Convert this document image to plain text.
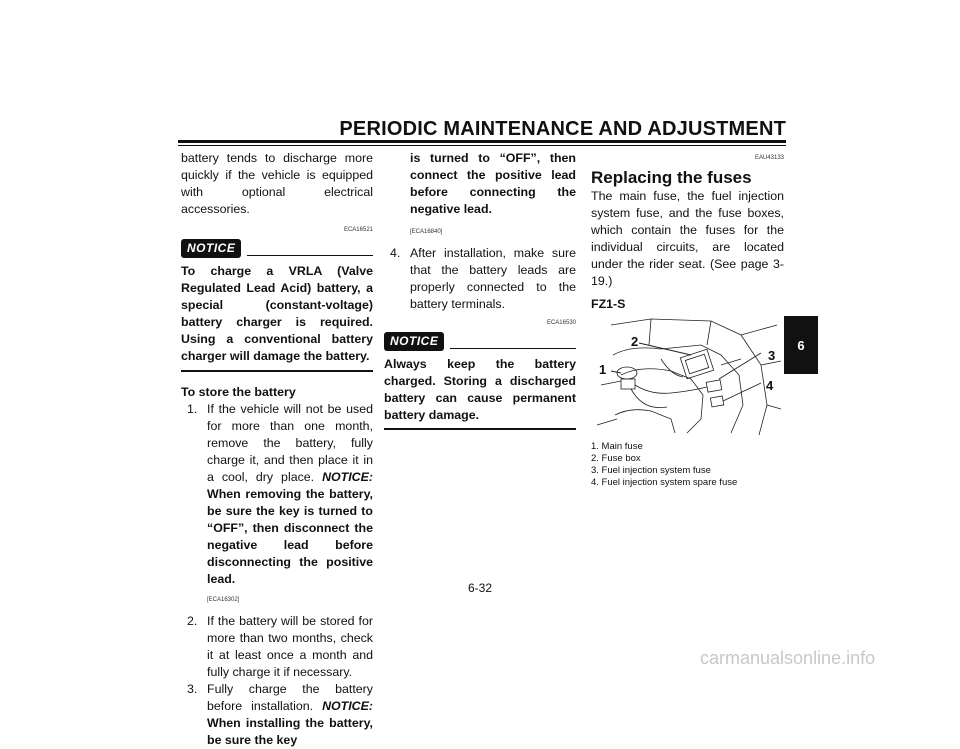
PERIODIC MAINTENANCE AND ADJUSTMENT

battery tends to discharge more quickly if the vehicle is equipped with optional electrical accessories.

ECA16521
NOTICE

To charge a VRLA (Valve Regulated Lead Acid) battery, a special (constant-voltage) battery charger is required. Using a conventional battery charger will damage the battery.

To store the battery

1. If the vehicle will not be used for more than one month, remove the battery, fully charge it, and then place it in a cool, dry place. NOTICE: When removing the battery, be sure the key is turned to “OFF”, then disconnect the negative lead before disconnecting the positive lead.
[ECA16302]
2. If the battery will be stored for more than two months, check it at least once a month and fully charge it if necessary.
3. Fully charge the battery before installation. NOTICE: When installing the battery, be sure the key
is turned to “OFF”, then connect the positive lead before connecting the negative lead.
[ECA16840]
4. After installation, make sure that the battery leads are properly connected to the battery terminals.
ECA16530
NOTICE

Always keep the battery charged. Storing a discharged battery can cause permanent battery damage.

EAU43133
Replacing the fuses

The main fuse, the fuel injection system fuse, and the fuse boxes, which contain the fuses for the individual circuits, are located under the rider seat. (See page 3-19.)

FZ1-S

2
1
3
4
1. Main fuse
2. Fuse box
3. Fuel injection system fuse
4. Fuel injection system spare fuse
6
6-32
carmanualsonline.info
